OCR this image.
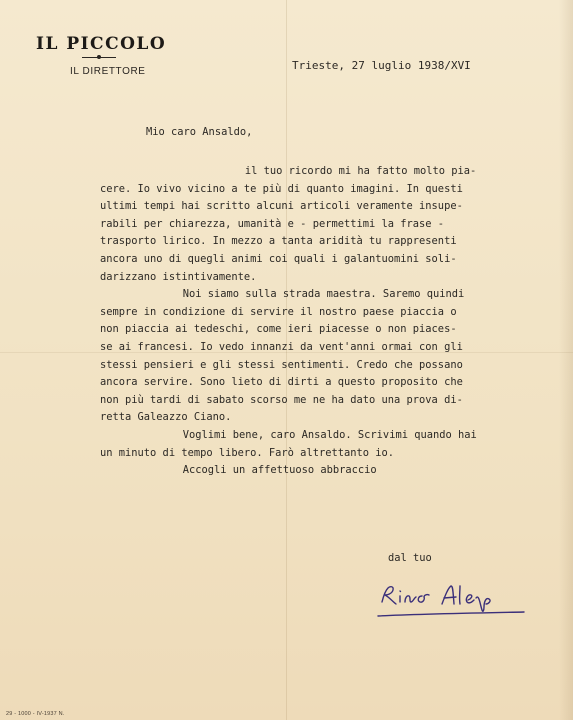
IL PICCOLO
IL DIRETTORE	Trieste, 27 luglio 1938/XVI
Mio caro Ansaldo,
il tuo ricordo mi ha fatto molto pia-
cere. Io vivo vicino a te più di quanto imagini. In questi
ultimi tempi hai scritto alcuni articoli veramente insupe-
rabili per chiarezza, umanità e - permettimi la frase -
trasporto lirico. In mezzo a tanta aridità tu rappresenti
ancora uno di quegli animi coi quali i galantuomini soli-
darizzano istintivamente.
Noi siamo sulla strada maestra. Saremo quindi
sempre in condizione di servire il nostro paese piaccia o
non piaccia ai tedeschi, come ieri piacesse o non piaces-
se ai francesi. Io vedo innanzi da vent'anni ormai con gli
stessi pensieri e gli stessi sentimenti. Credo che possano
ancora servire. Sono lieto di dirti a questo proposito che
non più tardi di sabato scorso me ne ha dato una prova di-
retta Galeazzo Ciano.
Voglimi bene, caro Ansaldo. Scrivimi quando hai
un minuto di tempo libero. Farò altrettanto io.
Accogli un affettuoso abbraccio
dal tuo
29 - 1000 - IV-1937 N.
